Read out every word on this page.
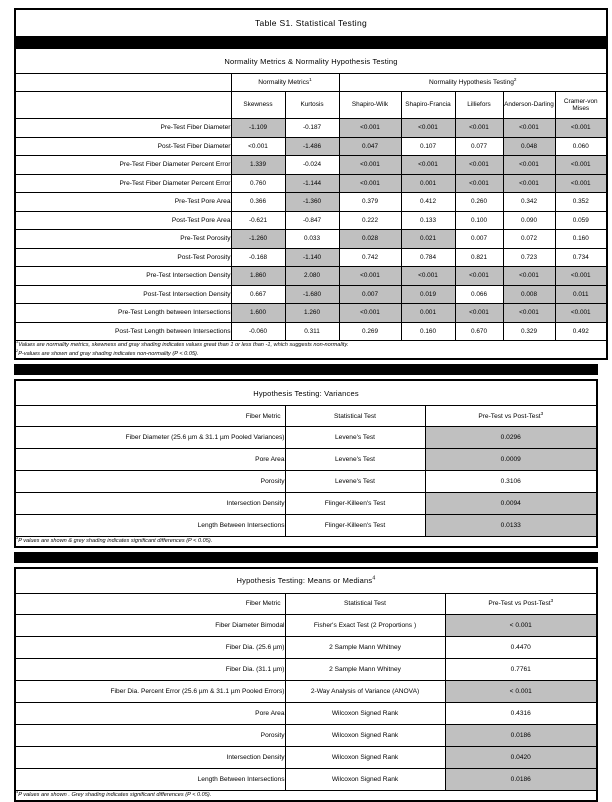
Table S1. Statistical Testing							

Normality Metrics & Normality Hypothesis Testing							
	Normality Metrics$^1$		Normality Hypothesis Testing$^2$
	Skewness	Kurtosis	Shapiro-Wilk	Shapiro-Francia	Lilliefors	Anderson-Darling	Cramer-von Mises
Pre-Test Fiber Diameter	-1.109	-0.187	<0.001	<0.001	<0.001	<0.001	<0.001
Post-Test Fiber Diameter	<0.001	-1.486	0.047	0.107	0.077	0.048	0.060
Pre-Test Fiber Diameter Percent Error	1.339	-0.024	<0.001	<0.001	<0.001	<0.001	<0.001
Pre-Test Fiber Diameter Percent Error	0.760	-1.144	<0.001	0.001	<0.001	<0.001	<0.001
Pre-Test Pore Area	0.366	-1.360	0.379	0.412	0.260	0.342	0.352
Post-Test Pore Area	-0.621	-0.847	0.222	0.133	0.100	0.090	0.059
Pre-Test Porosity	-1.260	0.033	0.028	0.021	0.007	0.072	0.160
Post-Test Porosity	-0.168	-1.140	0.742	0.784	0.821	0.723	0.734
Pre-Test Intersection Density	1.860	2.080	<0.001	<0.001	<0.001	<0.001	<0.001
Post-Test Intersection Density	0.667	-1.680	0.007	0.019	0.066	0.008	0.011
Pre-Test Length between Intersections	1.600	1.260	<0.001	0.001	<0.001	<0.001	<0.001
Post-Test Length between Intersections	-0.060	0.311	0.269	0.160	0.670	0.329	0.492

$^1$Values are normality metrics, skewness and gray shading indicates values great than 1 or less than -1, which suggests non-normality.
$^2$P-values are shown and gray shading indicates non-normality (P < 0.05).							
Hypothesis Testing: Variances		
Fiber Metric	Statistical Test	Pre-Test vs Post-Test$^3$
Fiber Diameter (25.6 µm & 31.1 µm Pooled Variances)	Levene's Test	0.0296
Pore Area	Levene's Test	0.0009
Porosity	Levene's Test	0.3106
Intersection Density	Flinger-Killeen's Test	0.0094
Length Between Intersections	Flinger-Killeen's Test	0.0133

$^3$P values are shown & grey shading indicates significant differences (P < 0.05).		
Hypothesis Testing: Means or Medians$^4$
Fiber Metric	Statistical Test	Pre-Test vs Post-Test$^3$
Fiber Diameter Bimodal	Fisher's Exact Test (2 Proportions )	< 0.001
Fiber Dia. (25.6 µm)	2 Sample Mann Whitney	0.4470
Fiber Dia. (31.1 µm)	2 Sample Mann Whitney	0.7761
Fiber Dia. Percent Error (25.6 µm & 31.1 µm Pooled Errors)	2-Way Analysis of Variance (ANOVA)	< 0.001
Pore Area	Wilcoxon Signed Rank	0.4316
Porosity	Wilcoxon Signed Rank	0.0186
Intersection Density	Wilcoxon Signed Rank	0.0420
Length Between Intersections	Wilcoxon Signed Rank	0.0186

$^4$P values are shown . Grey shading indicates significant differences (P < 0.05).		
